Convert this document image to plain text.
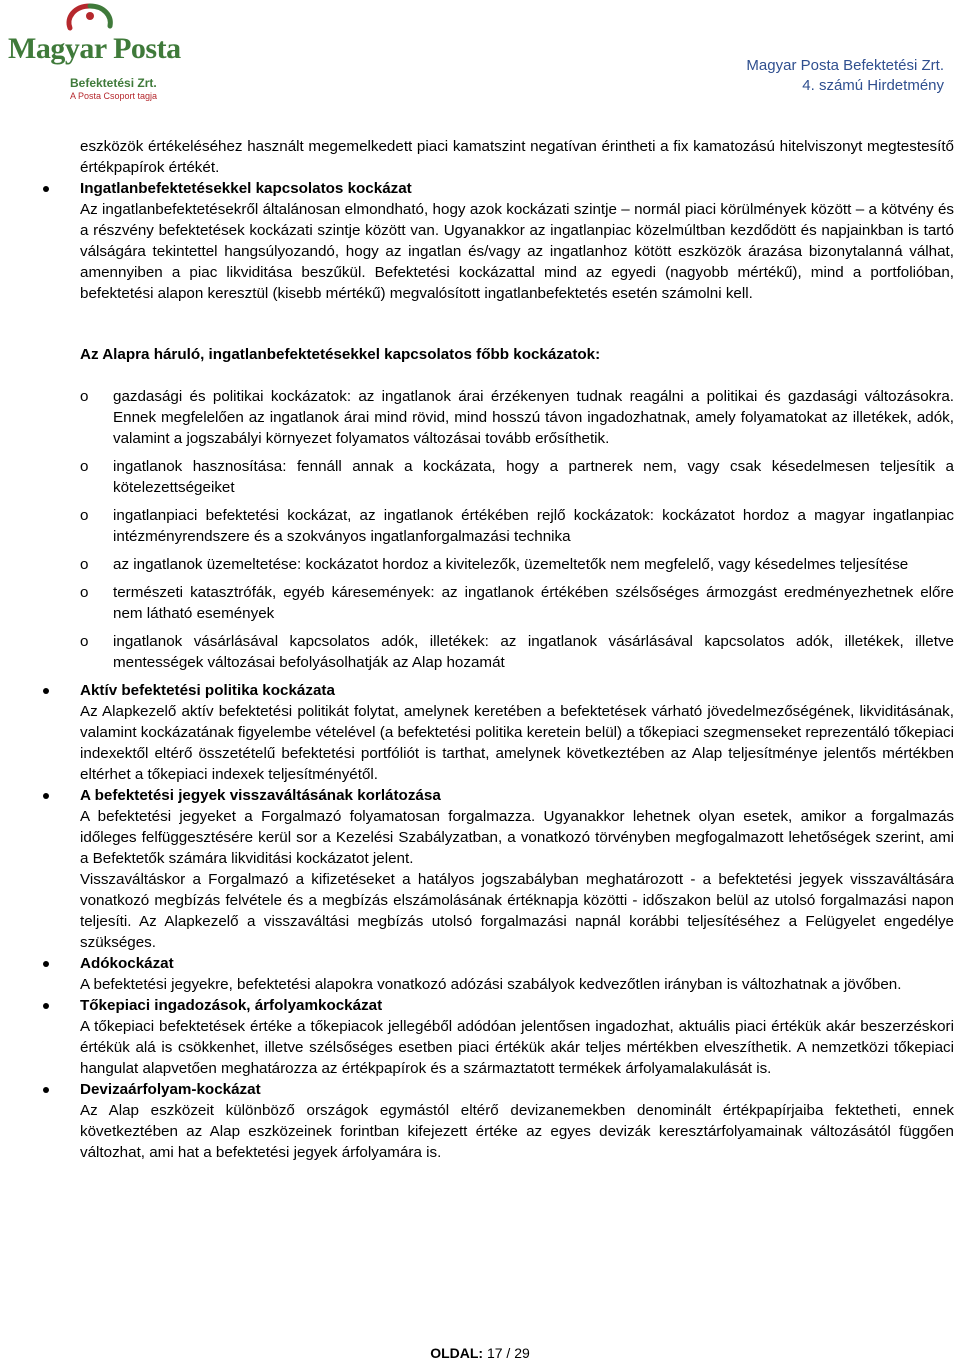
Magyar Posta
Befektetési Zrt.
A Posta Csoport tagja
Magyar Posta Befektetési Zrt.
4. számú Hirdetmény

eszközök értékeléséhez használt megemelkedett piaci kamatszint negatívan érintheti a fix kamatozású hitelviszonyt megtestesítő értékpapírok értékét.

Ingatlanbefektetésekkel kapcsolatos kockázat

Az ingatlanbefektetésekről általánosan elmondható, hogy azok kockázati szintje – normál piaci körülmények között – a kötvény és a részvény befektetések kockázati szintje között van. Ugyanakkor az ingatlanpiac közelmúltban kezdődött és napjainkban is tartó válságára tekintettel hangsúlyozandó, hogy az ingatlan és/vagy az ingatlanhoz kötött eszközök árazása bizonytalanná válhat, amennyiben a piac likviditása beszűkül. Befektetési kockázattal mind az egyedi (nagyobb mértékű), mind a portfolióban, befektetési alapon keresztül (kisebb mértékű) megvalósított ingatlanbefektetés esetén számolni kell.

Az Alapra háruló, ingatlanbefektetésekkel kapcsolatos főbb kockázatok:

o gazdasági és politikai kockázatok: az ingatlanok árai érzékenyen tudnak reagálni a politikai és gazdasági változásokra. Ennek megfelelően az ingatlanok árai mind rövid, mind hosszú távon ingadozhatnak, amely folyamatokat az illetékek, adók, valamint a jogszabályi környezet folyamatos változásai tovább erősíthetik.
o ingatlanok hasznosítása: fennáll annak a kockázata, hogy a partnerek nem, vagy csak késedelmesen teljesítik a kötelezettségeiket
o ingatlanpiaci befektetési kockázat, az ingatlanok értékében rejlő kockázatok: kockázatot hordoz a magyar ingatlanpiac intézményrendszere és a szokványos ingatlanforgalmazási technika
o az ingatlanok üzemeltetése: kockázatot hordoz a kivitelezők, üzemeltetők nem megfelelő, vagy késedelmes teljesítése
o természeti katasztrófák, egyéb káresemények: az ingatlanok értékében szélsőséges ármozgást eredményezhetnek előre nem látható események
o ingatlanok vásárlásával kapcsolatos adók, illetékek: az ingatlanok vásárlásával kapcsolatos adók, illetékek, illetve mentességek változásai befolyásolhatják az Alap hozamát

Aktív befektetési politika kockázata

Az Alapkezelő aktív befektetési politikát folytat, amelynek keretében a befektetések várható jövedelmezőségének, likviditásának, valamint kockázatának figyelembe vételével (a befektetési politika keretein belül) a tőkepiaci szegmenseket reprezentáló tőkepiaci indexektől eltérő összetételű befektetési portfóliót is tarthat, amelynek következtében az Alap teljesítménye jelentős mértékben eltérhet a tőkepiaci indexek teljesítményétől.

A befektetési jegyek visszaváltásának korlátozása

A befektetési jegyeket a Forgalmazó folyamatosan forgalmazza. Ugyanakkor lehetnek olyan esetek, amikor a forgalmazás időleges felfüggesztésére kerül sor a Kezelési Szabályzatban, a vonatkozó törvényben megfogalmazott lehetőségek szerint, ami a Befektetők számára likviditási kockázatot jelent.

Visszaváltáskor a Forgalmazó a kifizetéseket a hatályos jogszabályban meghatározott - a befektetési jegyek visszaváltására vonatkozó megbízás felvétele és a megbízás elszámolásának értéknapja közötti - időszakon belül az utolsó forgalmazási napon teljesíti. Az Alapkezelő a visszaváltási megbízás utolsó forgalmazási napnál korábbi teljesítéséhez a Felügyelet engedélye szükséges.

Adókockázat

A befektetési jegyekre, befektetési alapokra vonatkozó adózási szabályok kedvezőtlen irányban is változhatnak a jövőben.

Tőkepiaci ingadozások, árfolyamkockázat

A tőkepiaci befektetések értéke a tőkepiacok jellegéből adódóan jelentősen ingadozhat, aktuális piaci értékük akár beszerzéskori értékük alá is csökkenhet, illetve szélsőséges esetben piaci értékük akár teljes mértékben elveszíthetik. A nemzetközi tőkepiaci hangulat alapvetően meghatározza az értékpapírok és a származtatott termékek árfolyamalakulását is.

Devizaárfolyam-kockázat

Az Alap eszközeit különböző országok egymástól eltérő devizanemekben denominált értékpapírjaiba fektetheti, ennek következtében az Alap eszközeinek forintban kifejezett értéke az egyes devizák keresztárfolyamainak változásától függően változhat, ami hat a befektetési jegyek árfolyamára is.

OLDAL: 17 / 29
